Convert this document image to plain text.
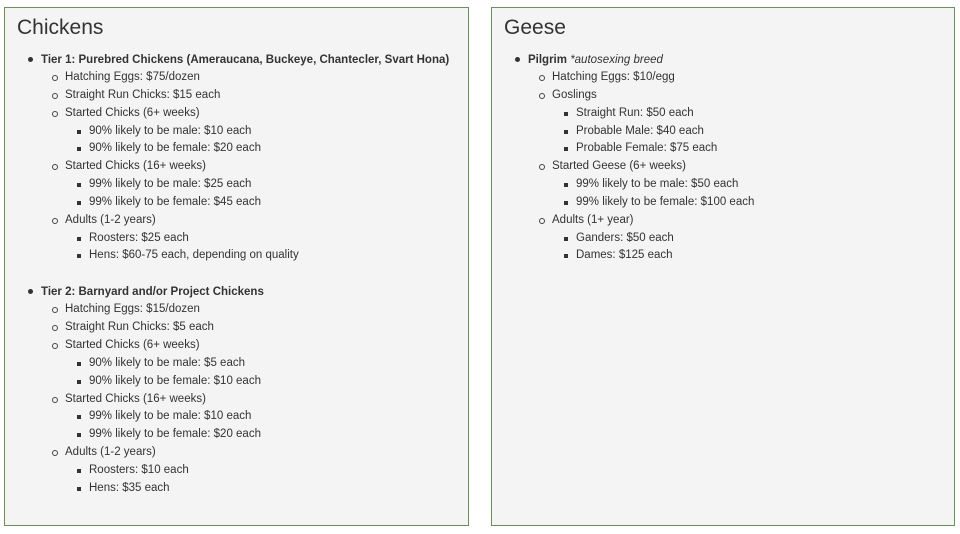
Chickens
Tier 1: Purebred Chickens (Ameraucana, Buckeye, Chantecler, Svart Hona)
Hatching Eggs: $75/dozen
Straight Run Chicks: $15 each
Started Chicks (6+ weeks)
90% likely to be male: $10 each
90% likely to be female: $20 each
Started Chicks (16+ weeks)
99% likely to be male: $25 each
99% likely to be female: $45 each
Adults (1-2 years)
Roosters: $25 each
Hens: $60-75 each, depending on quality
Tier 2: Barnyard and/or Project Chickens
Hatching Eggs: $15/dozen
Straight Run Chicks: $5 each
Started Chicks (6+ weeks)
90% likely to be male: $5 each
90% likely to be female: $10 each
Started Chicks (16+ weeks)
99% likely to be male: $10 each
99% likely to be female: $20 each
Adults (1-2 years)
Roosters: $10 each
Hens: $35 each
Geese
Pilgrim *autosexing breed
Hatching Eggs: $10/egg
Goslings
Straight Run: $50 each
Probable Male: $40 each
Probable Female: $75 each
Started Geese (6+ weeks)
99% likely to be male: $50 each
99% likely to be female: $100 each
Adults (1+ year)
Ganders: $50 each
Dames: $125 each
